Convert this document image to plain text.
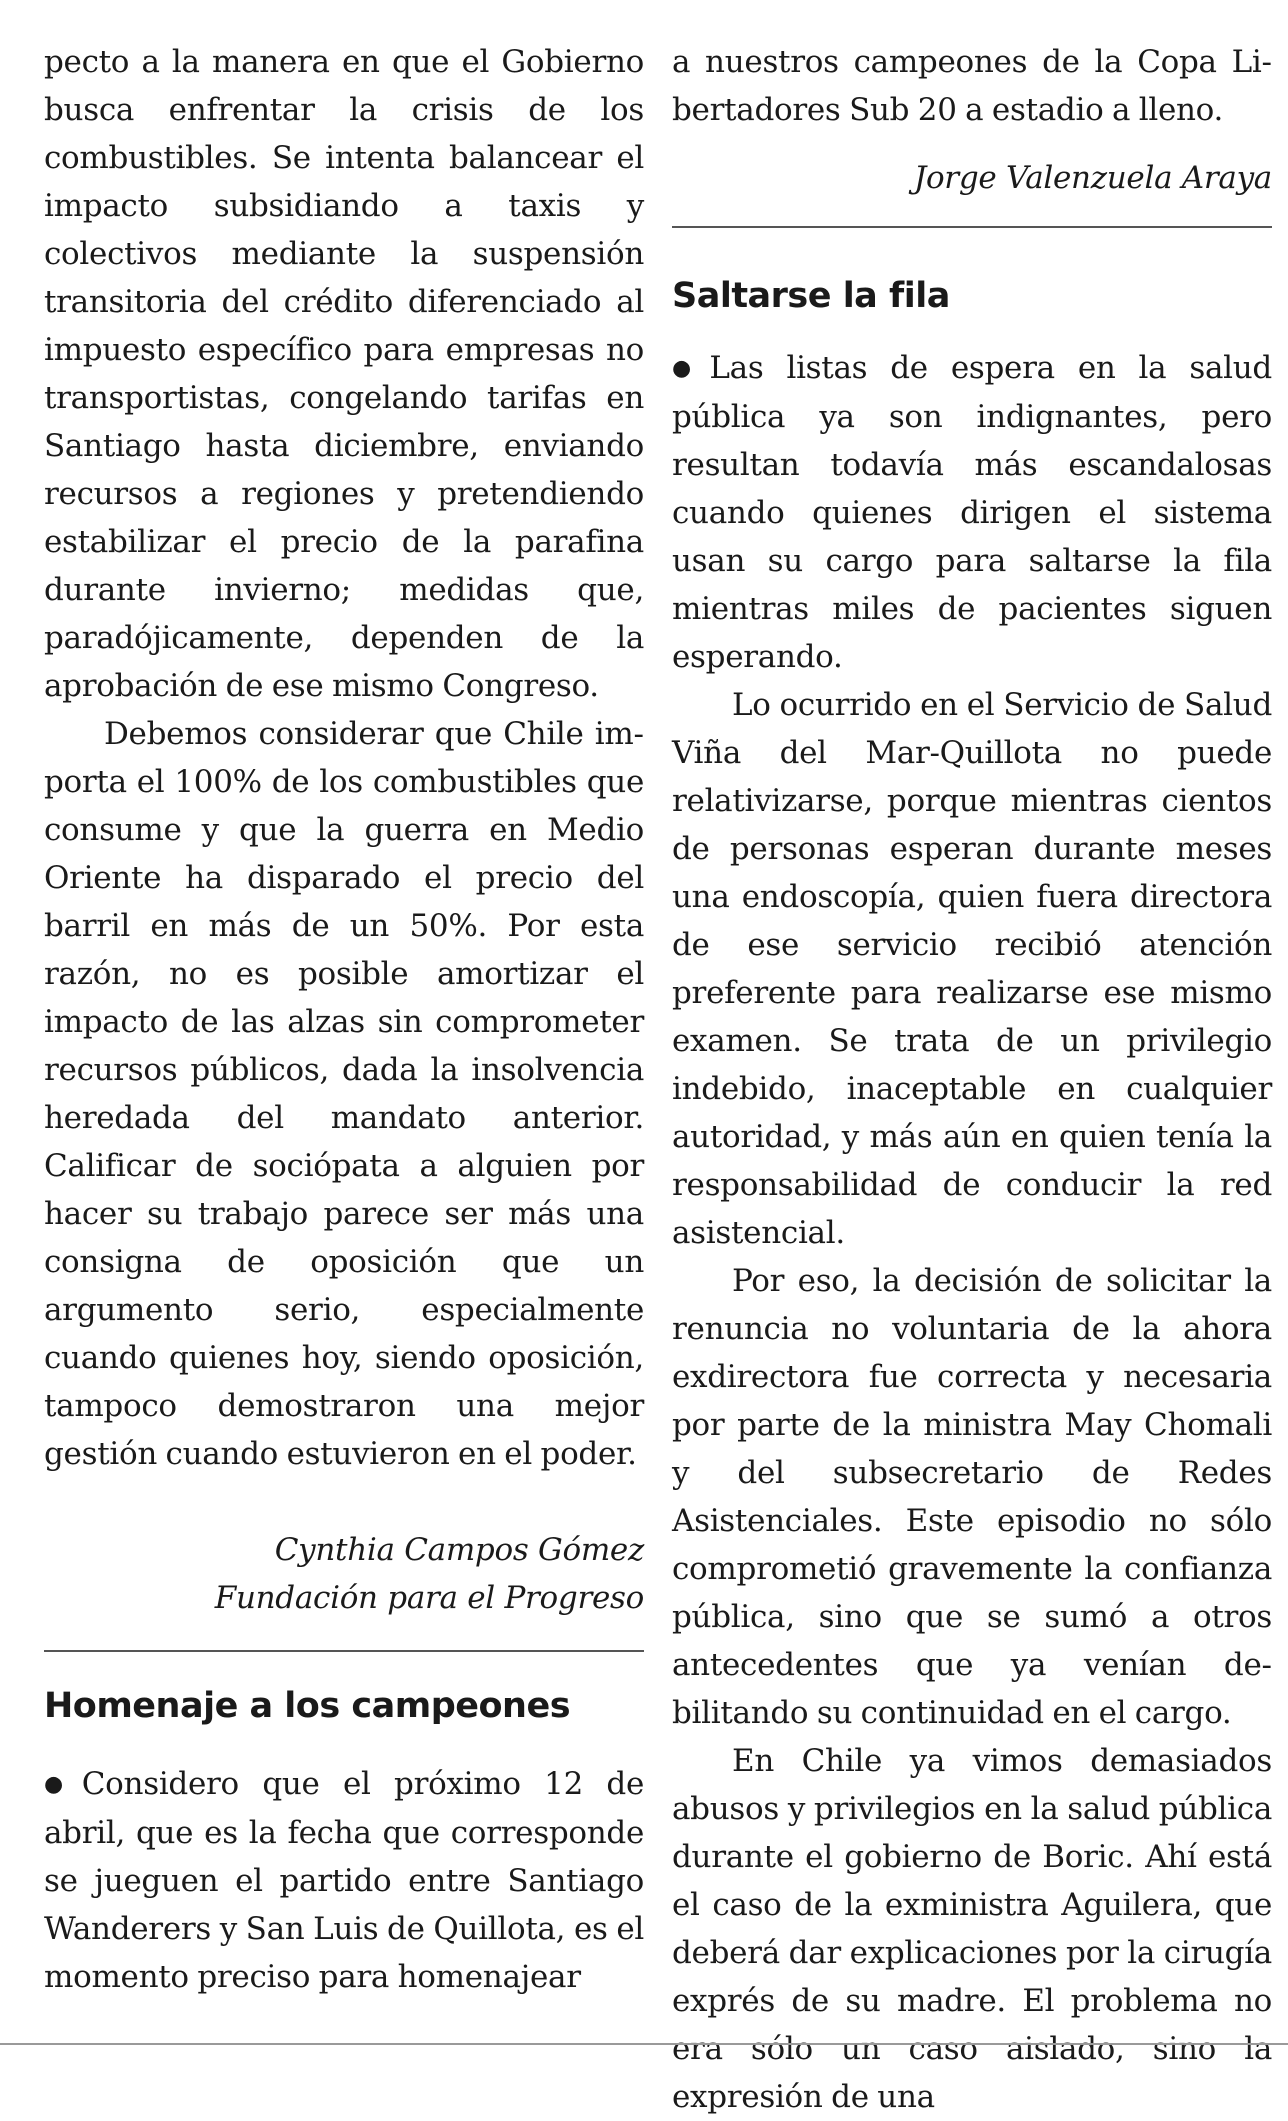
pecto a la manera en que el Gobierno busca enfrentar la crisis de los combustibles. Se intenta balancear el impacto subsidiando a taxis y colectivos mediante la suspensión transitoria del crédito diferenciado al impuesto específico para empresas no transportistas, congelando tarifas en Santiago hasta diciembre, enviando recursos a regiones y pretendiendo estabilizar el precio de la parafina durante invierno; medidas que, paradójicamente, dependen de la aprobación de ese mismo Congreso.

Debemos considerar que Chile importa el 100% de los combustibles que consume y que la guerra en Medio Oriente ha disparado el precio del barril en más de un 50%. Por esta razón, no es posible amortizar el impacto de las alzas sin comprometer recursos públicos, dada la insolvencia heredada del mandato anterior. Calificar de sociópata a alguien por hacer su trabajo parece ser más una consigna de oposición que un argumento serio, especialmente cuando quienes hoy, siendo oposición, tampoco demostraron una mejor gestión cuando estuvieron en el poder.

Cynthia Campos Gómez

Fundación para el Progreso

Homenaje a los campeones

● Considero que el próximo 12 de abril, que es la fecha que corresponde se jueguen el partido entre Santiago Wanderers y San Luis de Quillota, es el momento preciso para homenajear

a nuestros campeones de la Copa Libertadores Sub 20 a estadio a lleno.

Jorge Valenzuela Araya

Saltarse la fila

● Las listas de espera en la salud pública ya son indignantes, pero resultan todavía más escandalosas cuando quienes dirigen el sistema usan su cargo para saltarse la fila mientras miles de pacientes siguen esperando.

Lo ocurrido en el Servicio de Salud Viña del Mar-Quillota no puede relativizarse, porque mientras cientos de personas esperan durante meses una endoscopía, quien fuera directora de ese servicio recibió atención preferente para realizarse ese mismo examen. Se trata de un privilegio indebido, inaceptable en cualquier autoridad, y más aún en quien tenía la responsabilidad de conducir la red asistencial.

Por eso, la decisión de solicitar la renuncia no voluntaria de la ahora exdirectora fue correcta y necesaria por parte de la ministra May Chomali y del subsecretario de Redes Asistenciales. Este episodio no sólo comprometió gravemente la confianza pública, sino que se sumó a otros antecedentes que ya venían debilitando su continuidad en el cargo.

En Chile ya vimos demasiados abusos y privilegios en la salud pública durante el gobierno de Boric. Ahí está el caso de la exministra Aguilera, que deberá dar explicaciones por la cirugía exprés de su madre. El problema no era sólo un caso aislado, sino la expresión de una
